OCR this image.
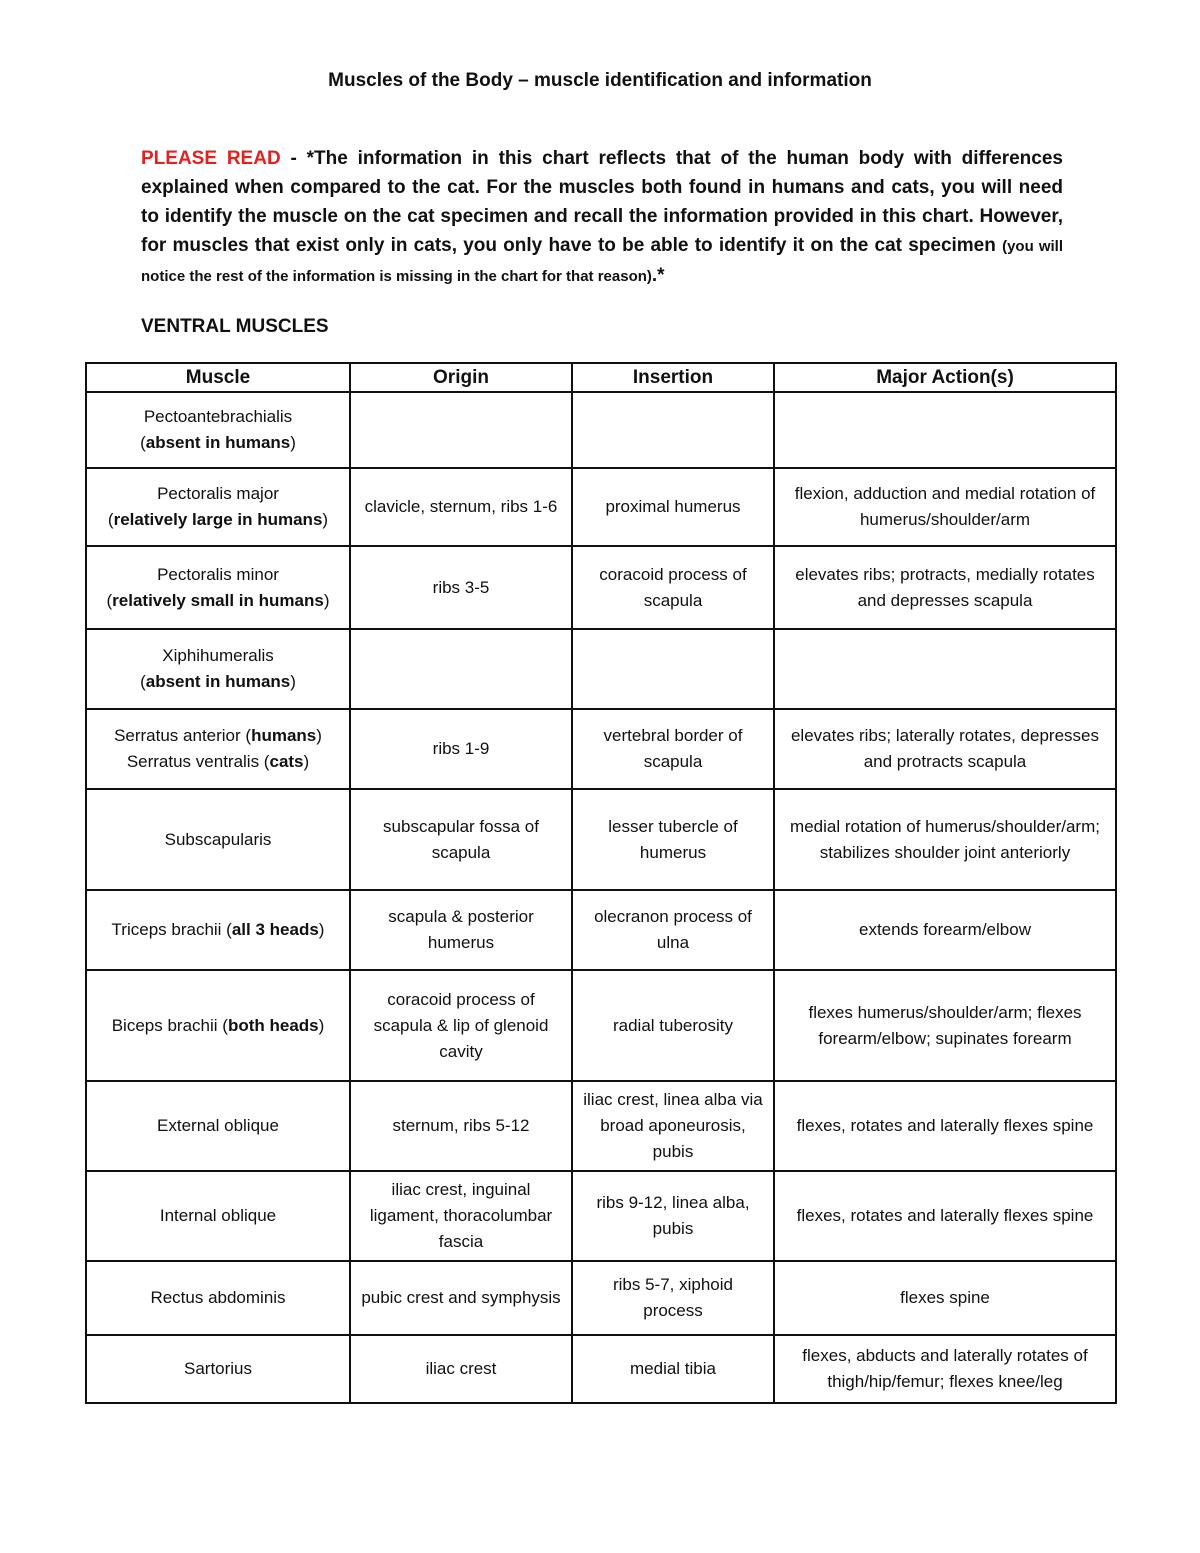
Muscles of the Body – muscle identification and information
PLEASE READ - *The information in this chart reflects that of the human body with differences explained when compared to the cat. For the muscles both found in humans and cats, you will need to identify the muscle on the cat specimen and recall the information provided in this chart. However, for muscles that exist only in cats, you only have to be able to identify it on the cat specimen (you will notice the rest of the information is missing in the chart for that reason).*
VENTRAL MUSCLES
Muscle	Origin	Insertion	Major Action(s)

Pectoantebrachialis
(absent in humans)			

Pectoralis major
(relatively large in humans)	clavicle, sternum, ribs 1-6	proximal humerus	flexion, adduction and medial rotation of humerus/shoulder/arm

Pectoralis minor
(relatively small in humans)	ribs 3-5	coracoid process of scapula	elevates ribs; protracts, medially rotates and depresses scapula

Xiphihumeralis
(absent in humans)			

Serratus anterior (humans)
Serratus ventralis (cats)	ribs 1-9	vertebral border of scapula	elevates ribs; laterally rotates, depresses and protracts scapula
Subscapularis	subscapular fossa of scapula	lesser tubercle of humerus	medial rotation of humerus/shoulder/arm; stabilizes shoulder joint anteriorly
Triceps brachii (all 3 heads)	scapula & posterior humerus	olecranon process of ulna	extends forearm/elbow
Biceps brachii (both heads)	coracoid process of scapula & lip of glenoid cavity	radial tuberosity	flexes humerus/shoulder/arm; flexes forearm/elbow; supinates forearm
External oblique	sternum, ribs 5-12	iliac crest, linea alba via broad aponeurosis, pubis	flexes, rotates and laterally flexes spine
Internal oblique	iliac crest, inguinal ligament, thoracolumbar fascia	ribs 9-12, linea alba, pubis	flexes, rotates and laterally flexes spine
Rectus abdominis	pubic crest and symphysis	ribs 5-7, xiphoid process	flexes spine
Sartorius	iliac crest	medial tibia	flexes, abducts and laterally rotates of thigh/hip/femur; flexes knee/leg
